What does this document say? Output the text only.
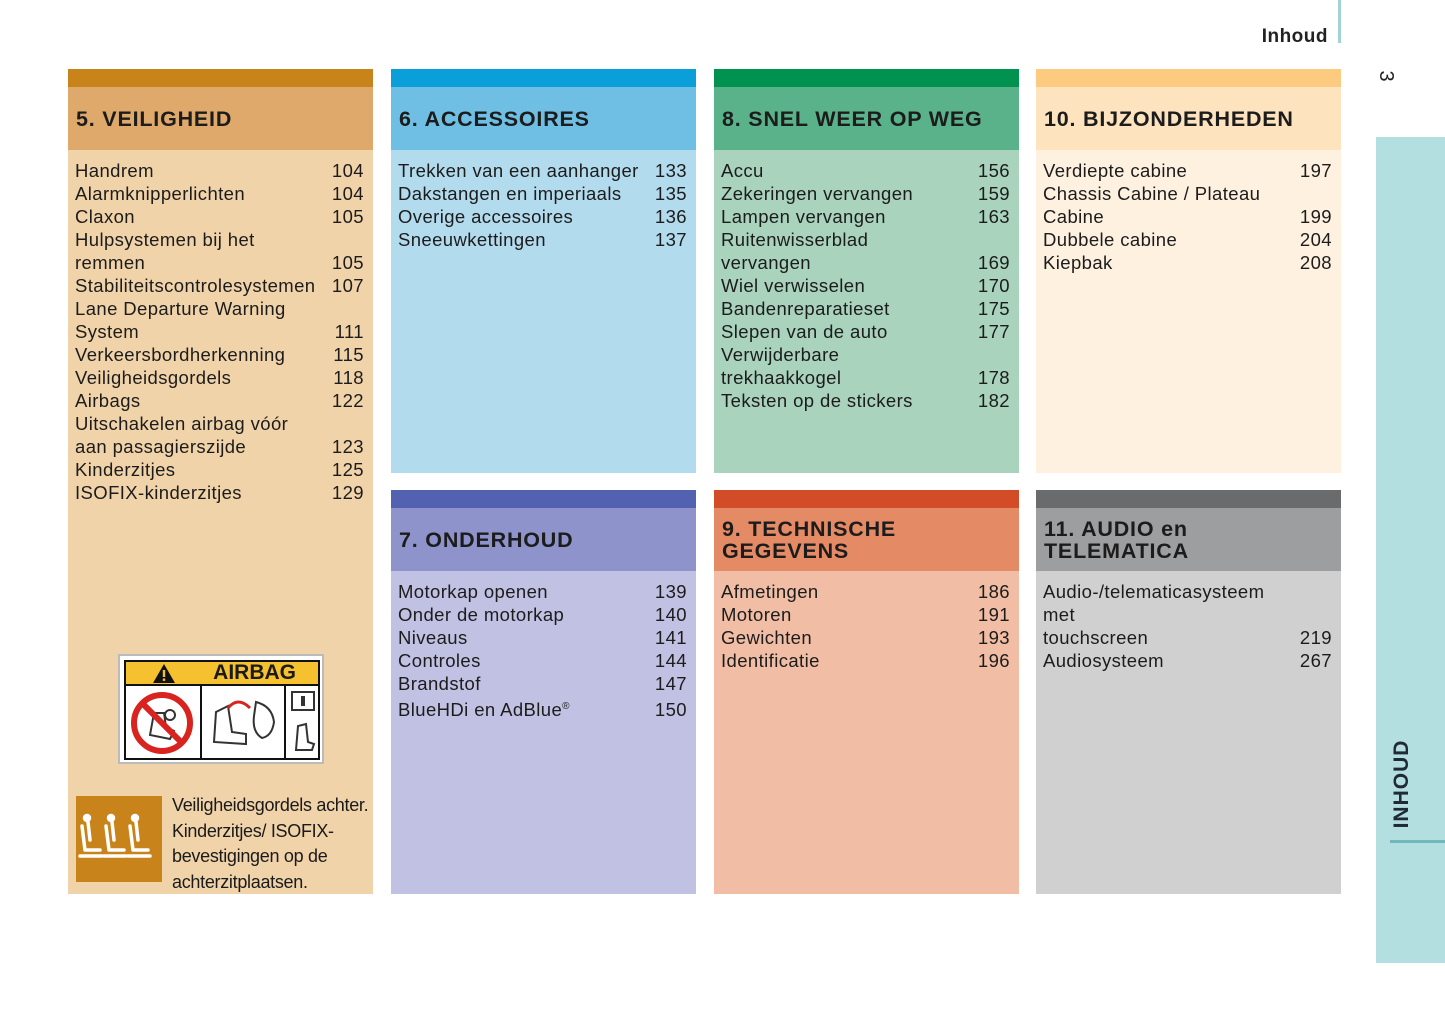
Inhoud
3
INHOUD
5. VEILIGHEID
Handrem	104
Alarmknipperlichten	104
Claxon	105
Hulpsystemen bij het
remmen	105
Stabiliteitscontrolesystemen 107
Lane Departure Warning
System	111
Verkeersbordherkenning	115
Veiligheidsgordels	118
Airbags	122
Uitschakelen airbag vóór
aan passagierszijde	123
Kinderzitjes	125
ISOFIX-kinderzitjes	129
6. ACCESSOIRES
Trekken van een aanhanger 133
Dakstangen en imperiaals 135
Overige accessoires	136
Sneeuwkettingen	137
8. SNEL WEER OP WEG
Accu	156
Zekeringen vervangen	159
Lampen vervangen	163
Ruitenwisserblad
vervangen	169
Wiel verwisselen	170
Bandenreparatieset	175
Slepen van de auto	177
Verwijderbare
trekhaakkogel	178
Teksten op de stickers	182
10. BIJZONDERHEDEN
Verdiepte cabine	197
Chassis Cabine / Plateau
Cabine	199
Dubbele cabine	204
Kiepbak	208
7. ONDERHOUD
Motorkap openen	139
Onder de motorkap	140
Niveaus	141
Controles	144
Brandstof	147
BlueHDi en AdBlue®	150
9. TECHNISCHE
GEGEVENS
Afmetingen	186
Motoren	191
Gewichten	193
Identificatie	196
11. AUDIO en
TELEMATICA
Audio-/telematicasysteem met
touchscreen	219
Audiosysteem	267
AIRBAG
Veiligheidsgordels achter. Kinderzitjes/ ISOFIX-bevestigingen op de achterzitplaatsen.
